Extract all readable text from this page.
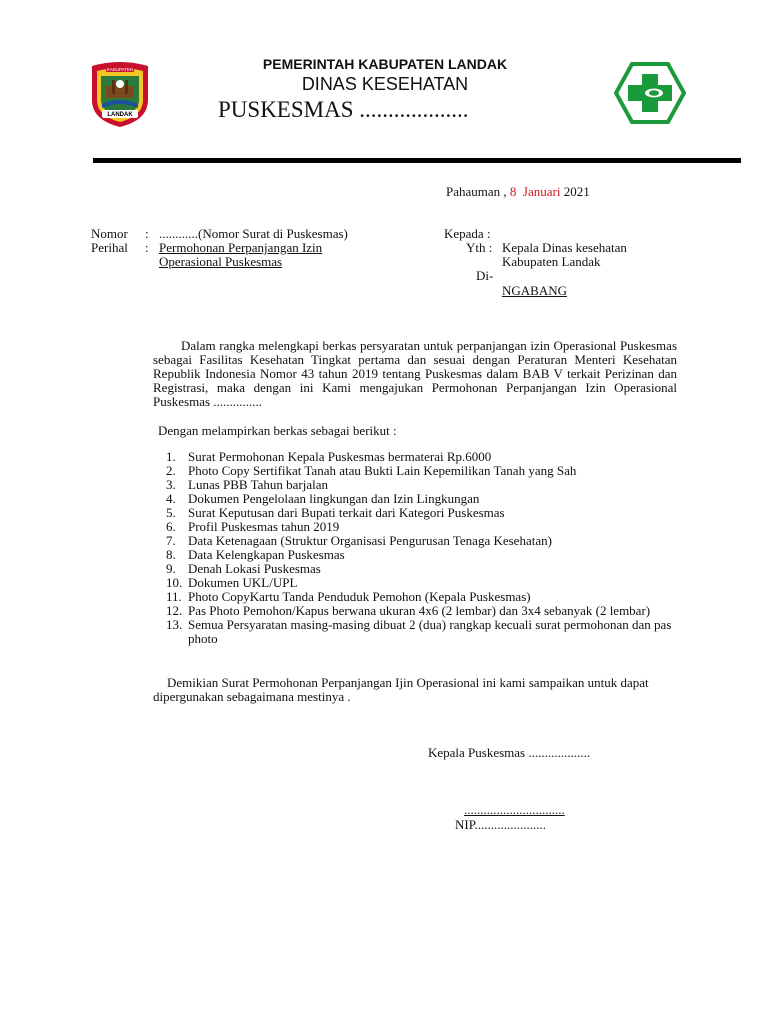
LANDAK
KABUPATEN	PEMERINTAH KABUPATEN LANDAK
DINAS KESEHATAN
PUSKESMAS ...................
Pahauman , 8 Januari 2021
Nomor : ............(Nomor Surat di Puskesmas)
Perihal : Permohonan Perpanjangan Izin
Operasional Puskesmas
Kepada :
Yth : Kepala Dinas kesehatan
Kabupaten Landak
Di-
NGABANG
Dalam rangka melengkapi berkas persyaratan untuk perpanjangan izin Operasional Puskesmas sebagai Fasilitas Kesehatan Tingkat pertama dan sesuai dengan Peraturan Menteri Kesehatan Republik Indonesia Nomor 43 tahun 2019 tentang Puskesmas dalam BAB V terkait Perizinan dan Registrasi, maka dengan ini Kami mengajukan Permohonan Perpanjangan Izin Operasional Puskesmas ...............
Dengan melampirkan berkas sebagai berikut :
1. Surat Permohonan Kepala Puskesmas bermaterai Rp.6000
2. Photo Copy Sertifikat Tanah atau Bukti Lain Kepemilikan Tanah yang Sah
3. Lunas PBB Tahun barjalan
4. Dokumen Pengelolaan lingkungan dan Izin Lingkungan
5. Surat Keputusan dari Bupati terkait dari Kategori Puskesmas
6. Profil Puskesmas tahun 2019
7. Data Ketenagaan (Struktur Organisasi Pengurusan Tenaga Kesehatan)
8. Data Kelengkapan Puskesmas
9. Denah Lokasi Puskesmas
10. Dokumen UKL/UPL
11. Photo CopyKartu Tanda Penduduk Pemohon (Kepala Puskesmas)
12. Pas Photo Pemohon/Kapus berwana ukuran 4x6 (2 lembar) dan 3x4 sebanyak (2 lembar)
13. Semua Persyaratan masing-masing dibuat 2 (dua) rangkap kecuali surat permohonan dan pas photo
Demikian Surat Permohonan Perpanjangan Ijin Operasional ini kami sampaikan untuk dapat dipergunakan sebagaimana mestinya .
Kepala Puskesmas ...................
...............................
NIP......................
